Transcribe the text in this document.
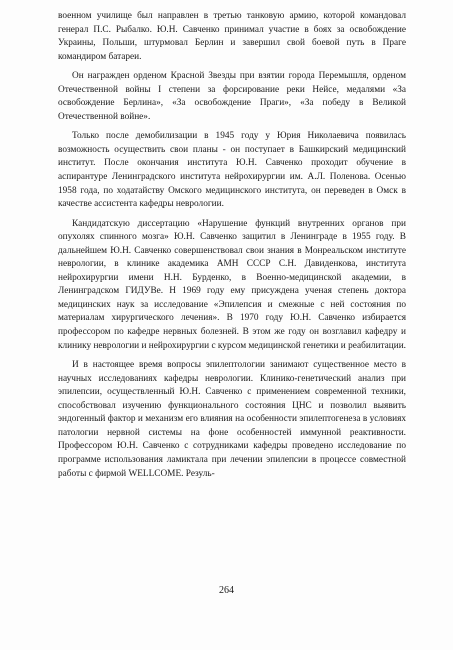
военном училище был направлен в третью танковую армию, которой командовал генерал П.С. Рыбалко. Ю.Н. Савченко принимал участие в боях за освобождение Украины, Польши, штурмовал Берлин и завершил свой боевой путь в Праге командиром батареи.

Он награжден орденом Красной Звезды при взятии города Перемышля, орденом Отечественной войны I степени за форсирование реки Нейсе, медалями «За освобождение Берлина», «За освобождение Праги», «За победу в Великой Отечественной войне».

Только после демобилизации в 1945 году у Юрия Николаевича появилась возможность осуществить свои планы - он поступает в Башкирский медицинский институт. После окончания института Ю.Н. Савченко проходит обучение в аспирантуре Ленинградского института нейрохирургии им. А.Л. Поленова. Осенью 1958 года, по ходатайству Омского медицинского института, он переведен в Омск в качестве ассистента кафедры неврологии.

Кандидатскую диссертацию «Нарушение функций внутренних органов при опухолях спинного мозга» Ю.Н. Савченко защитил в Ленинграде в 1955 году. В дальнейшем Ю.Н. Савченко совершенствовал свои знания в Монреальском институте неврологии, в клинике академика АМН СССР С.Н. Давиденкова, института нейрохирургии имени Н.Н. Бурденко, в Военно-медицинской академии, в Ленинградском ГИДУВе. Н 1969 году ему присуждена ученая степень доктора медицинских наук за исследование «Эпилепсия и смежные с ней состояния по материалам хирургического лечения». В 1970 году Ю.Н. Савченко избирается профессором по кафедре нервных болезней. В этом же году он возглавил кафедру и клинику неврологии и нейрохирургии с курсом медицинской генетики и реабилитации.

И в настоящее время вопросы эпилептологии занимают существенное место в научных исследованиях кафедры неврологии. Клинико-генетический анализ при эпилепсии, осуществленный Ю.Н. Савченко с применением современной техники, способствовал изучению функционального состояния ЦНС и позволил выявить эндогенный фактор и механизм его влияния на особенности эпилептогенеза в условиях патологии нервной системы на фоне особенностей иммунной реактивности. Профессором Ю.Н. Савченко с сотрудниками кафедры проведено исследование по программе использования ламиктала при лечении эпилепсии в процессе совместной работы с фирмой WELLCOME. Резуль-

264
